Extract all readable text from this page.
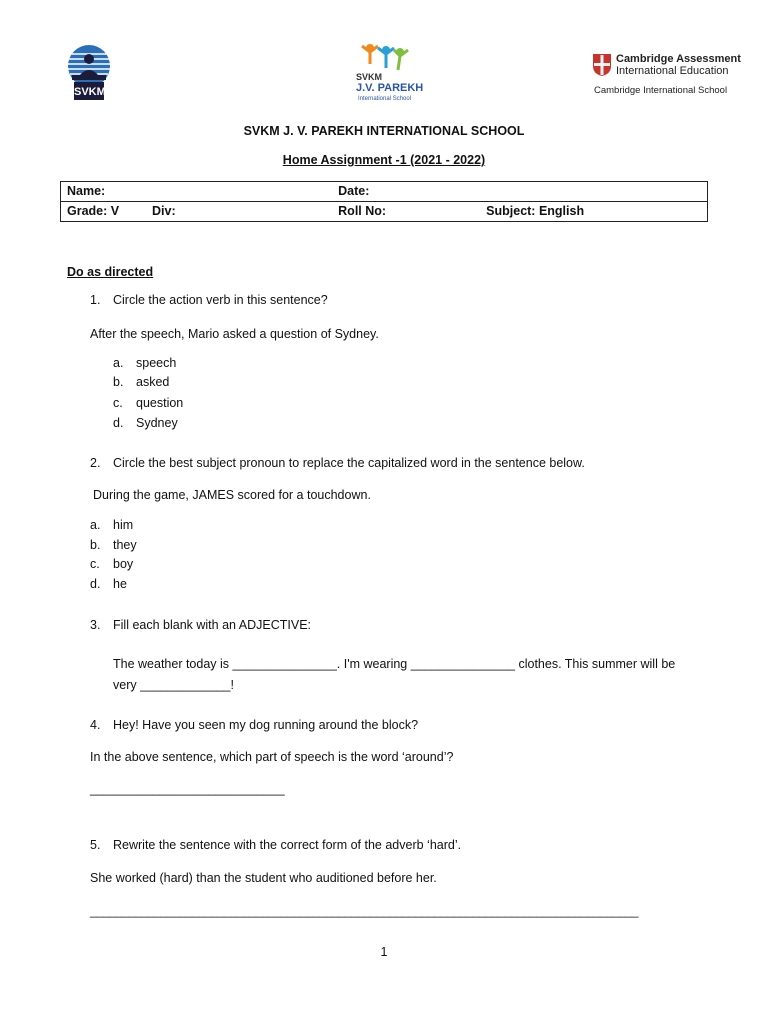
SVKM
SVKM
J.V. PAREKH
International School
Cambridge Assessment
International Education
Cambridge International School
SVKM J. V. PAREKH INTERNATIONAL SCHOOL
Home Assignment -1 (2021 - 2022)
Name:	Date:

Grade: V Div:	Roll No: Subject: English
Do as directed
1. Circle the action verb in this sentence?
After the speech, Mario asked a question of Sydney.
a. speech
b. asked
c. question
d. Sydney
2. Circle the best subject pronoun to replace the capitalized word in the sentence below.
During the game, JAMES scored for a touchdown.
a. him
b. they
c. boy
d. he
3. Fill each blank with an ADJECTIVE:
The weather today is _______________. I'm wearing _______________ clothes. This summer will be
very _____________!
4. Hey! Have you seen my dog running around the block?
In the above sentence, which part of speech is the word ‘around’?
____________________________
5. Rewrite the sentence with the correct form of the adverb ‘hard’.
She worked (hard) than the student who auditioned before her.
______________________________________________________________________________________
1
